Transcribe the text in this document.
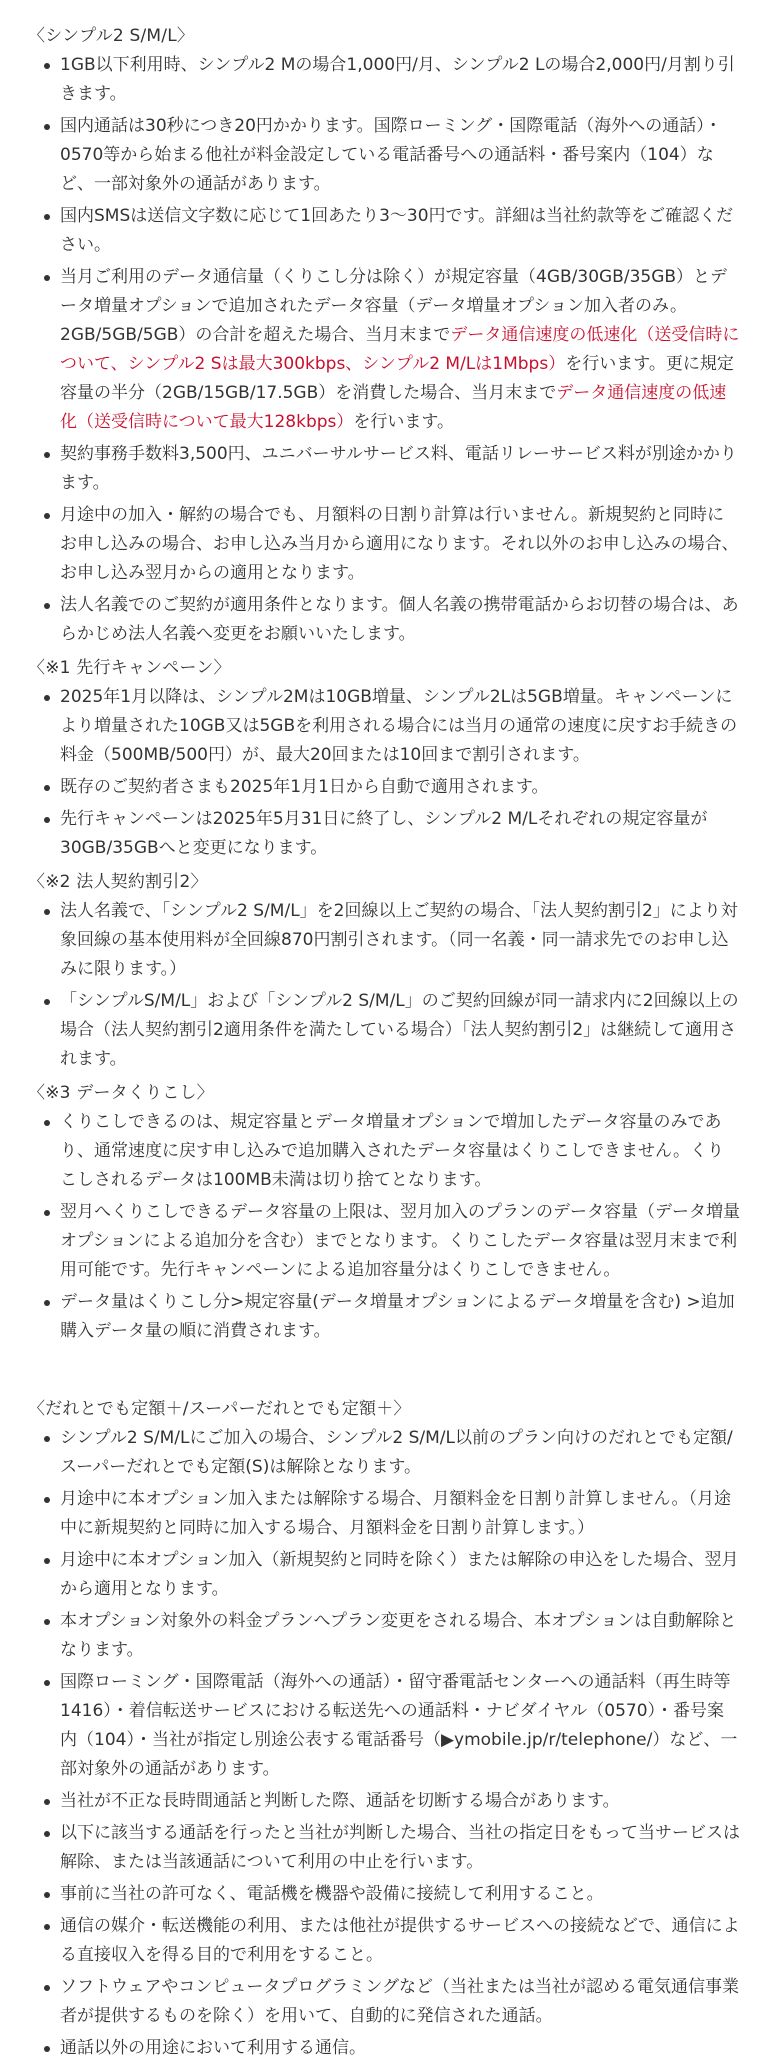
〈シンプル2 S/M/L〉
1GB以下利用時、シンプル2 Mの場合1,000円/月、シンプル2 Lの場合2,000円/月割り引きます。
国内通話は30秒につき20円かかります。国際ローミング・国際電話（海外への通話）・0570等から始まる他社が料金設定している電話番号への通話料・番号案内（104）など、一部対象外の通話があります。
国内SMSは送信文字数に応じて1回あたり3〜30円です。詳細は当社約款等をご確認ください。
当月ご利用のデータ通信量（くりこし分は除く）が規定容量（4GB/30GB/35GB）とデータ増量オプションで追加されたデータ容量（データ増量オプション加入者のみ。2GB/5GB/5GB）の合計を超えた場合、当月末までデータ通信速度の低速化（送受信時について、シンプル2 Sは最大300kbps、シンプル2 M/Lは1Mbps）を行います。更に規定容量の半分（2GB/15GB/17.5GB）を消費した場合、当月末までデータ通信速度の低速化（送受信時について最大128kbps）を行います。
契約事務手数料3,500円、ユニバーサルサービス料、電話リレーサービス料が別途かかります。
月途中の加入・解約の場合でも、月額料の日割り計算は行いません。新規契約と同時にお申し込みの場合、お申し込み当月から適用になります。それ以外のお申し込みの場合、お申し込み翌月からの適用となります。
法人名義でのご契約が適用条件となります。個人名義の携帯電話からお切替の場合は、あらかじめ法人名義へ変更をお願いいたします。
〈※1 先行キャンペーン〉
2025年1月以降は、シンプル2Mは10GB増量、シンプル2Lは5GB増量。キャンペーンにより増量された10GB又は5GBを利用される場合には当月の通常の速度に戻すお手続きの料金（500MB/500円）が、最大20回または10回まで割引されます。
既存のご契約者さまも2025年1月1日から自動で適用されます。
先行キャンペーンは2025年5月31日に終了し、シンプル2 M/Lそれぞれの規定容量が30GB/35GBへと変更になります。
〈※2 法人契約割引2〉
法人名義で、「シンプル2 S/M/L」を2回線以上ご契約の場合、「法人契約割引2」により対象回線の基本使用料が全回線870円割引されます。（同一名義・同一請求先でのお申し込みに限ります。）
「シンプルS/M/L」および「シンプル2 S/M/L」のご契約回線が同一請求内に2回線以上の場合（法人契約割引2適用条件を満たしている場合）「法人契約割引2」は継続して適用されます。
〈※3 データくりこし〉
くりこしできるのは、規定容量とデータ増量オプションで増加したデータ容量のみであり、通常速度に戻す申し込みで追加購入されたデータ容量はくりこしできません。くりこしされるデータは100MB未満は切り捨てとなります。
翌月へくりこしできるデータ容量の上限は、翌月加入のプランのデータ容量（データ増量オプションによる追加分を含む）までとなります。くりこしたデータ容量は翌月末まで利用可能です。先行キャンペーンによる追加容量分はくりこしできません。
データ量はくりこし分>規定容量(データ増量オプションによるデータ増量を含む) >追加購入データ量の順に消費されます。
〈だれとでも定額＋/スーパーだれとでも定額＋〉
シンプル2 S/M/Lにご加入の場合、シンプル2 S/M/L以前のプラン向けのだれとでも定額/スーパーだれとでも定額(S)は解除となります。
月途中に本オプション加入または解除する場合、月額料金を日割り計算しません。（月途中に新規契約と同時に加入する場合、月額料金を日割り計算します。）
月途中に本オプション加入（新規契約と同時を除く）または解除の申込をした場合、翌月から適用となります。
本オプション対象外の料金プランへプラン変更をされる場合、本オプションは自動解除となります。
国際ローミング・国際電話（海外への通話）・留守番電話センターへの通話料（再生時等1416）・着信転送サービスにおける転送先への通話料・ナビダイヤル（0570）・番号案内（104）・当社が指定し別途公表する電話番号（▶ymobile.jp/r/telephone/）など、一部対象外の通話があります。
当社が不正な長時間通話と判断した際、通話を切断する場合があります。
以下に該当する通話を行ったと当社が判断した場合、当社の指定日をもって当サービスは解除、または当該通話について利用の中止を行います。
事前に当社の許可なく、電話機を機器や設備に接続して利用すること。
通信の媒介・転送機能の利用、または他社が提供するサービスへの接続などで、通信による直接収入を得る目的で利用をすること。
ソフトウェアやコンピュータプログラミングなど（当社または当社が認める電気通信事業者が提供するものを除く）を用いて、自動的に発信された通話。
通話以外の用途において利用する通信。
